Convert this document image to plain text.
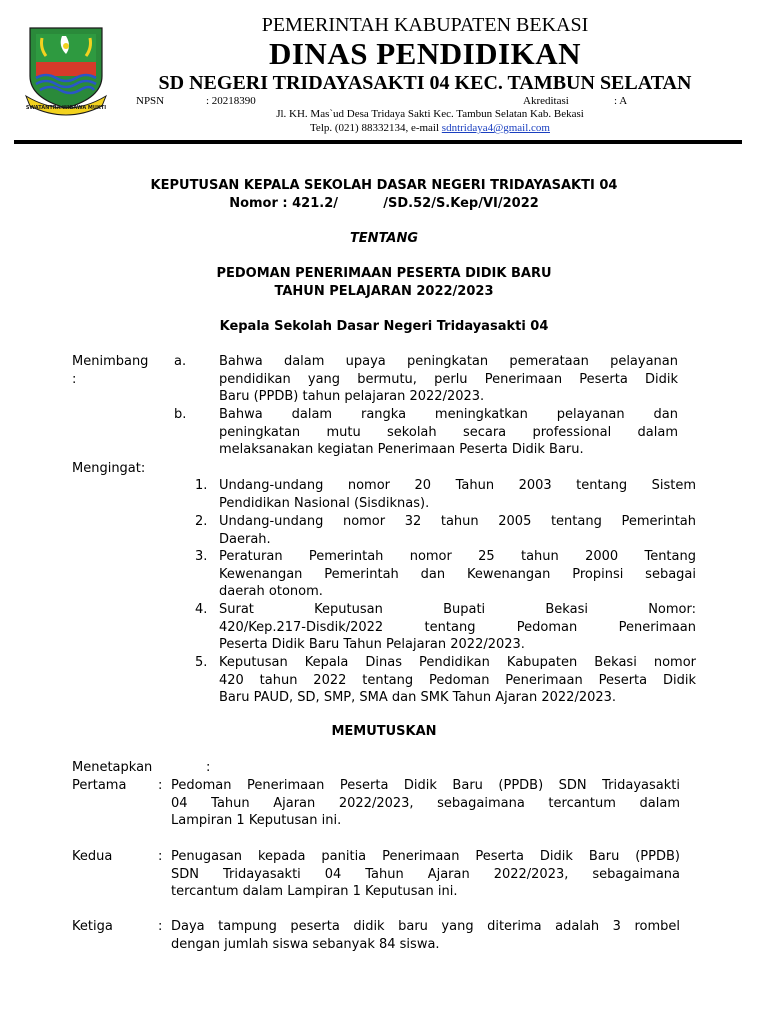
SWATANTRA WIBAWA MUKTI
PEMERINTAH KABUPATEN BEKASI
DINAS PENDIDIKAN
SD NEGERI TRIDAYASAKTI 04 KEC. TAMBUN SELATAN
NPSN	: 20218390	Akreditasi	: A
Jl. KH. Mas`ud Desa Tridaya Sakti Kec. Tambun Selatan Kab. Bekasi
Telp. (021) 88332134, e-mail sdntridaya4@gmail.com
KEPUTUSAN KEPALA SEKOLAH DASAR NEGERI TRIDAYASAKTI 04
Nomor : 421.2/          /SD.52/S.Kep/VI/2022
TENTANG
PEDOMAN PENERIMAAN PESERTA DIDIK BARU
TAHUN PELAJARAN 2022/2023
Kepala Sekolah Dasar Negeri Tridayasakti 04
Menimbang
:
a.	Bahwa dalam upaya peningkatan pemerataan pelayanan
pendidikan yang bermutu, perlu Penerimaan Peserta Didik
Baru (PPDB) tahun pelajaran 2022/2023.
b.	Bahwa dalam rangka meningkatkan pelayanan dan
peningkatan mutu sekolah secara professional dalam
melaksanakan kegiatan Penerimaan Peserta Didik Baru.
Mengingat:
1. Undang-undang nomor 20 Tahun 2003 tentang Sistem
Pendidikan Nasional (Sisdiknas).
2. Undang-undang nomor 32 tahun 2005 tentang Pemerintah
Daerah.
3. Peraturan Pemerintah nomor 25 tahun 2000 Tentang
Kewenangan Pemerintah dan Kewenangan Propinsi sebagai
daerah otonom.
4. Surat Keputusan Bupati Bekasi Nomor:
420/Kep.217-Disdik/2022 tentang Pedoman Penerimaan
Peserta Didik Baru Tahun Pelajaran 2022/2023.
5. Keputusan Kepala Dinas Pendidikan Kabupaten Bekasi nomor
420 tahun 2022 tentang Pedoman Penerimaan Peserta Didik
Baru PAUD, SD, SMP, SMA dan SMK Tahun Ajaran 2022/2023.
MEMUTUSKAN
Menetapkan	:
Pertama : Pedoman Penerimaan Peserta Didik Baru (PPDB) SDN Tridayasakti
04 Tahun Ajaran 2022/2023, sebagaimana tercantum dalam
Lampiran 1 Keputusan ini.
Kedua	: Penugasan kepada panitia Penerimaan Peserta Didik Baru (PPDB)
SDN Tridayasakti 04 Tahun Ajaran 2022/2023, sebagaimana
tercantum dalam Lampiran 1 Keputusan ini.
Ketiga	: Daya tampung peserta didik baru yang diterima adalah 3 rombel
dengan jumlah siswa sebanyak 84 siswa.
